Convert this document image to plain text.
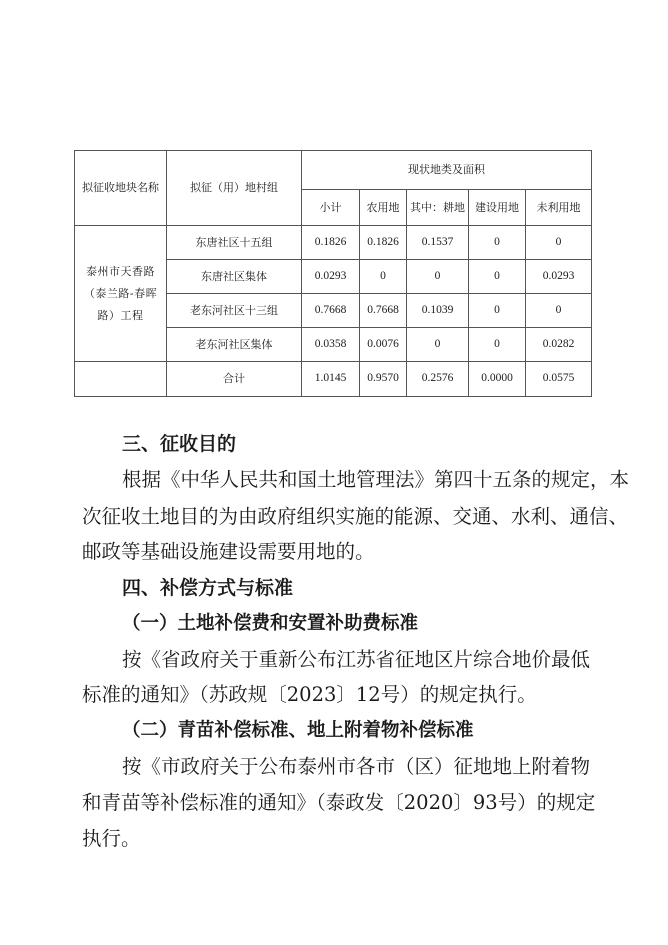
拟征收地块名称	拟征（用）地村组	现状地类及面积				
		小计	农用地	其中：耕地	建设用地	未利用地

泰州市天香路
（泰兰路-春晖
路）工程	东唐社区十五组	0.1826	0.1826	0.1537	0	0
	东唐社区集体	0.0293	0	0	0	0.0293
	老东河社区十三组	0.7668	0.7668	0.1039	0	0
	老东河社区集体	0.0358	0.0076	0	0	0.0282
	合计	1.0145	0.9570	0.2576	0.0000	0.0575
三、征收目的
根据《中华人民共和国土地管理法》第四十五条的规定，本
次征收土地目的为由政府组织实施的能源、交通、水利、通信、
邮政等基础设施建设需要用地的。
四、补偿方式与标准
（一）土地补偿费和安置补助费标准
按《省政府关于重新公布江苏省征地区片综合地价最低
标准的通知》（苏政规〔2023〕12号）的规定执行。
（二）青苗补偿标准、地上附着物补偿标准
按《市政府关于公布泰州市各市（区）征地地上附着物
和青苗等补偿标准的通知》（泰政发〔2020〕93号）的规定
执行。
